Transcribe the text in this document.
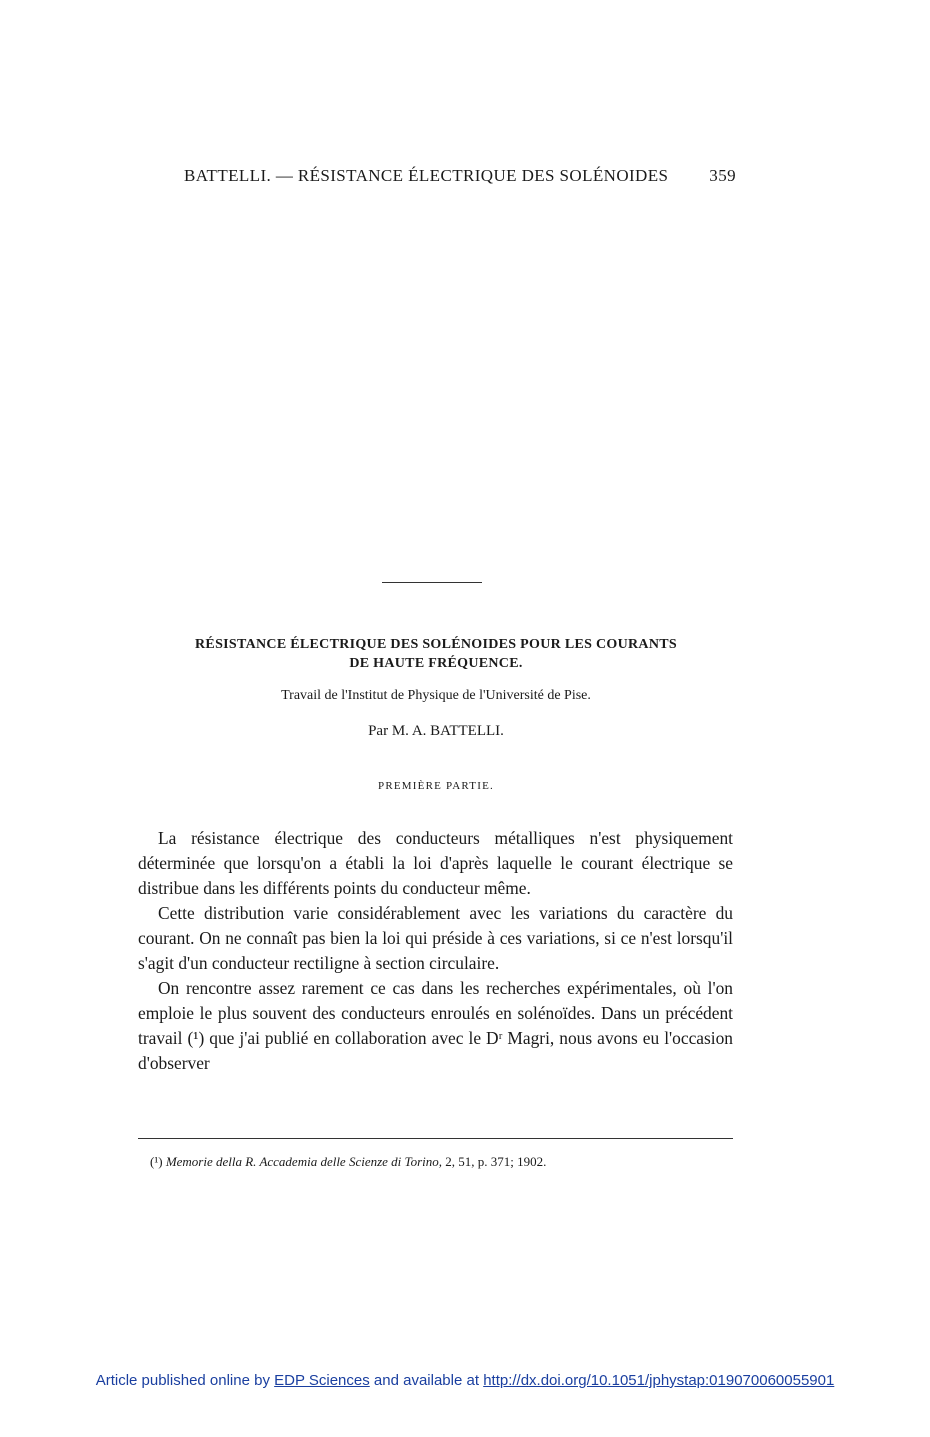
BATTELLI. — RÉSISTANCE ÉLECTRIQUE DES SOLÉNOIDES 359
RÉSISTANCE ÉLECTRIQUE DES SOLÉNOIDES POUR LES COURANTS
DE HAUTE FRÉQUENCE.
Travail de l'Institut de Physique de l'Université de Pise.
Par M. A. BATTELLI.
PREMIÈRE PARTIE.

La résistance électrique des conducteurs métalliques n'est physiquement déterminée que lorsqu'on a établi la loi d'après laquelle le courant électrique se distribue dans les différents points du conducteur même.

Cette distribution varie considérablement avec les variations du caractère du courant. On ne connaît pas bien la loi qui préside à ces variations, si ce n'est lorsqu'il s'agit d'un conducteur rectiligne à section circulaire.

On rencontre assez rarement ce cas dans les recherches expérimentales, où l'on emploie le plus souvent des conducteurs enroulés en solénoïdes. Dans un précédent travail (¹) que j'ai publié en collaboration avec le Dʳ Magri, nous avons eu l'occasion d'observer

(¹) Memorie della R. Accademia delle Scienze di Torino, 2, 51, p. 371; 1902.
Article published online by EDP Sciences and available at http://dx.doi.org/10.1051/jphystap:019070060055901
